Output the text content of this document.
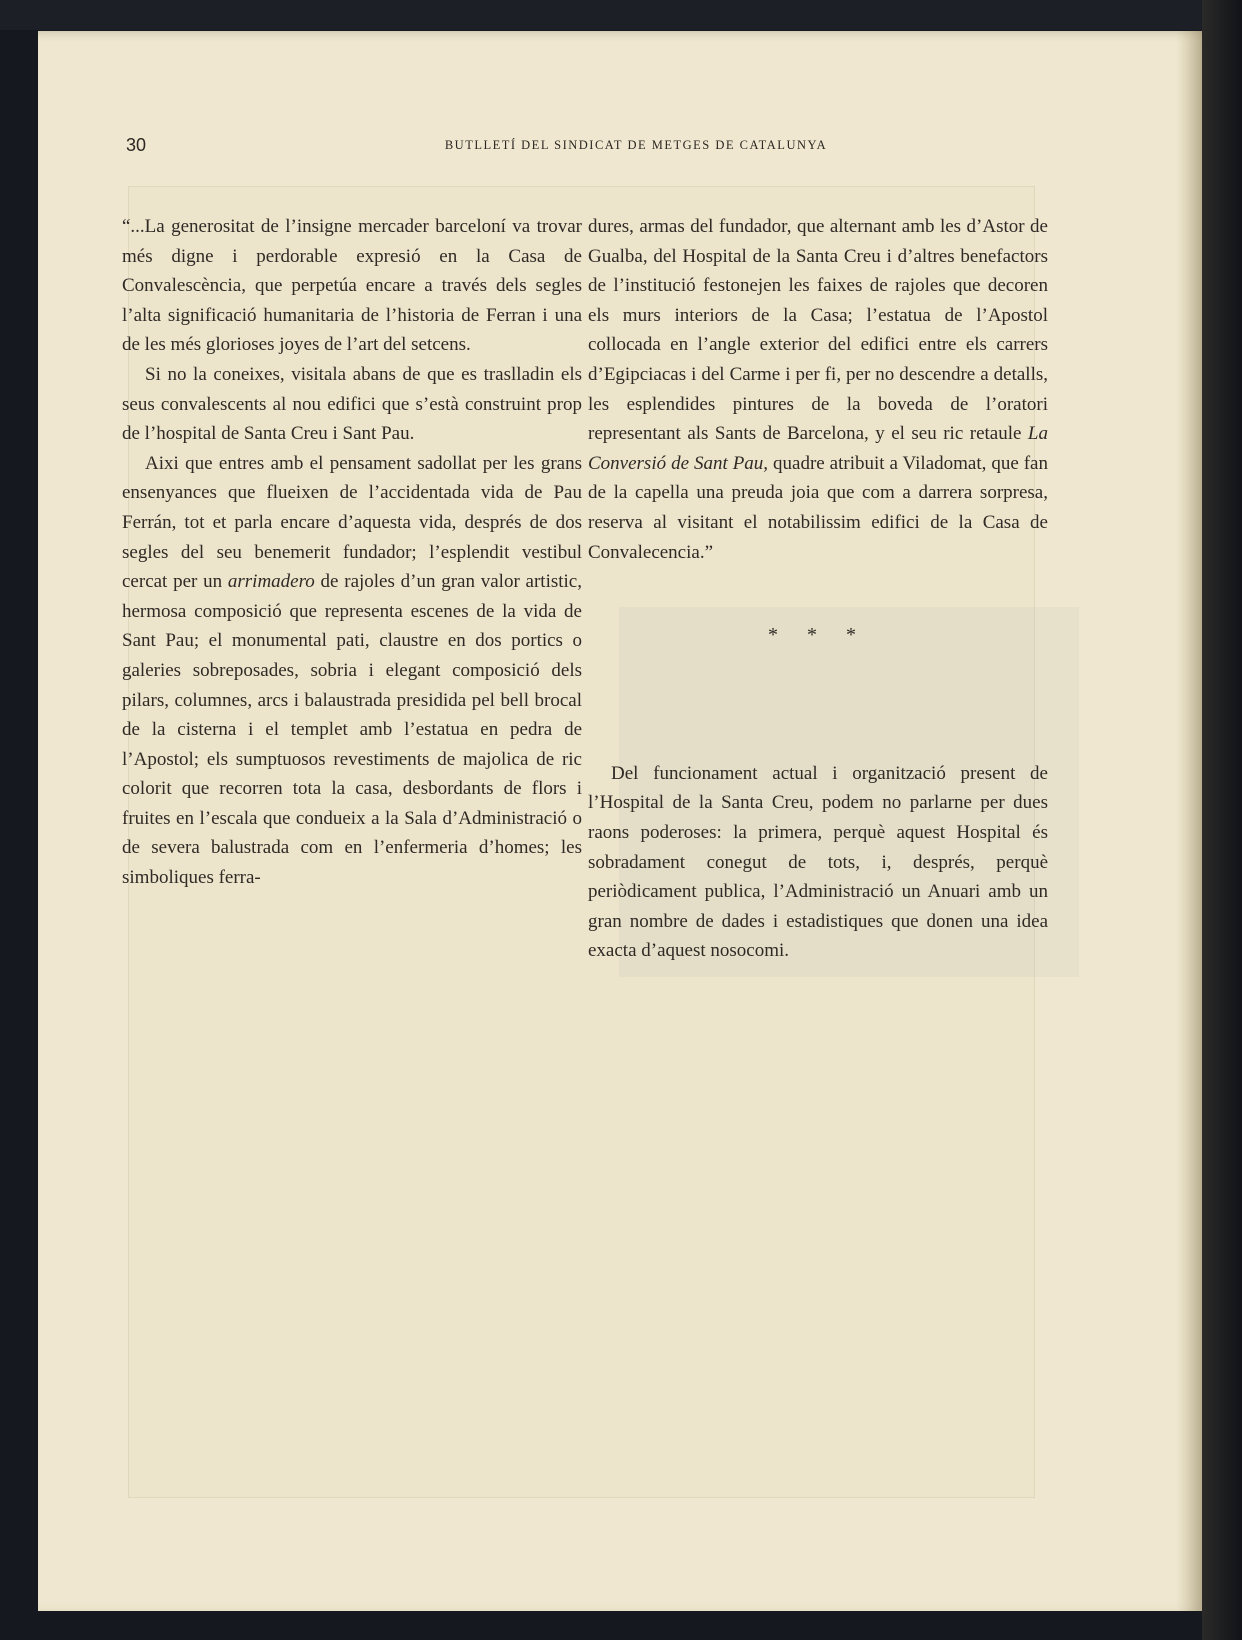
30	BUTLLETÍ DEL SINDICAT DE METGES DE CATALUNYA

“...La generositat de l’insigne mercader barceloní va trovar més digne i perdorable expresió en la Casa de Convalescència, que perpetúa encare a través dels segles l’alta significació humanitaria de l’historia de Ferran i una de les més glorioses joyes de l’art del setcens.

Si no la coneixes, visitala abans de que es traslladin els seus convalescents al nou edifici que s’està construint prop de l’hospital de Santa Creu i Sant Pau.

Aixi que entres amb el pensament sadollat per les grans ensenyances que flueixen de l’accidentada vida de Pau Ferrán, tot et parla encare d’aquesta vida, després de dos segles del seu benemerit fundador; l’esplendit vestibul cercat per un arrimadero de rajoles d’un gran valor artistic, hermosa composició que representa escenes de la vida de Sant Pau; el monumental pati, claustre en dos portics o galeries sobreposades, sobria i elegant composició dels pilars, columnes, arcs i balaustrada presidida pel bell brocal de la cisterna i el templet amb l’estatua en pedra de l’Apostol; els sumptuosos revestiments de majolica de ric colorit que recorren tota la casa, desbordants de flors i fruites en l’escala que condueix a la Sala d’Administració o de severa balustrada com en l’enfermeria d’homes; les simboliques ferra-

dures, armas del fundador, que alternant amb les d’Astor de Gualba, del Hospital de la Santa Creu i d’altres benefactors de l’institució festonejen les faixes de rajoles que decoren els murs interiors de la Casa; l’estatua de l’Apostol collocada en l’angle exterior del edifici entre els carrers d’Egipciacas i del Carme i per fi, per no descendre a detalls, les esplendides pintures de la boveda de l’oratori representant als Sants de Barcelona, y el seu ric retaule La Conversió de Sant Pau, quadre atribuit a Viladomat, que fan de la capella una preuda joia que com a darrera sorpresa, reserva al visitant el notabilissim edifici de la Casa de Convalecencia.”

* * *

Del funcionament actual i organització present de l’Hospital de la Santa Creu, podem no parlarne per dues raons poderoses: la primera, perquè aquest Hospital és sobradament conegut de tots, i, després, perquè periòdicament publica, l’Administració un Anuari amb un gran nombre de dades i estadistiques que donen una idea exacta d’aquest nosocomi.
